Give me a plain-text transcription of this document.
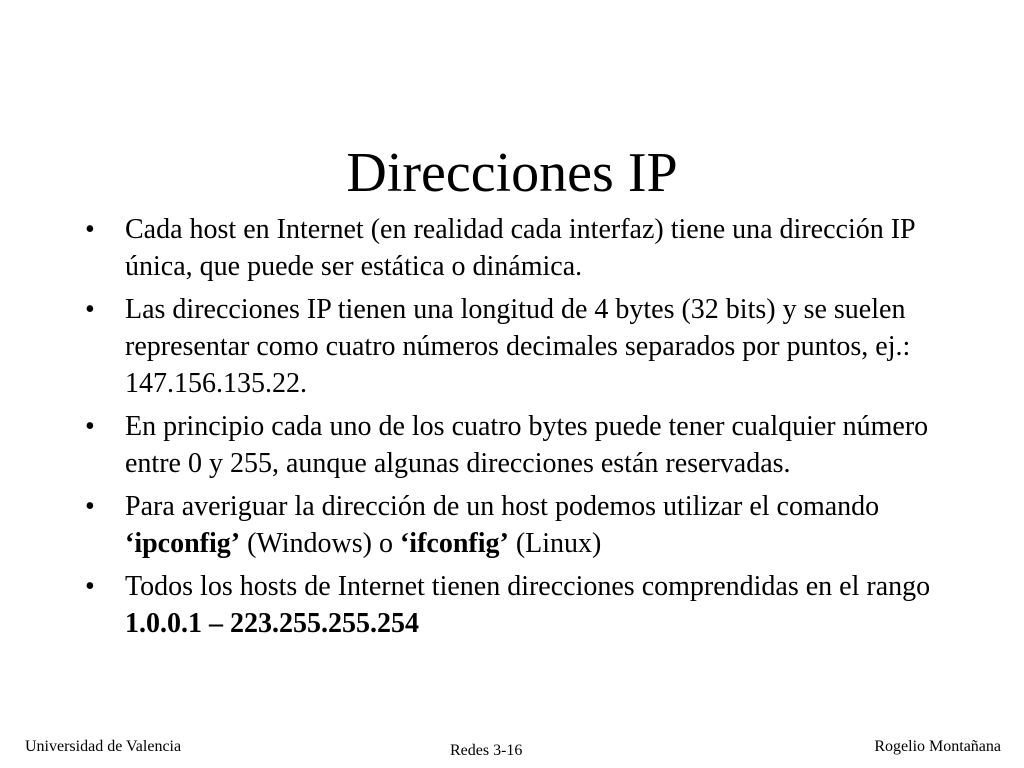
Direcciones IP
• Cada host en Internet (en realidad cada interfaz) tiene una dirección IP única, que puede ser estática o dinámica.
• Las direcciones IP tienen una longitud de 4 bytes (32 bits) y se suelen representar como cuatro números decimales separados por puntos, ej.: 147.156.135.22.
• En principio cada uno de los cuatro bytes puede tener cualquier número entre 0 y 255, aunque algunas direcciones están reservadas.
• Para averiguar la dirección de un host podemos utilizar el comando ‘ipconfig’ (Windows) o ‘ifconfig’ (Linux)
• Todos los hosts de Internet tienen direcciones comprendidas en el rango 1.0.0.1 – 223.255.255.254
Universidad de Valencia	Redes 3-16	Rogelio Montañana
